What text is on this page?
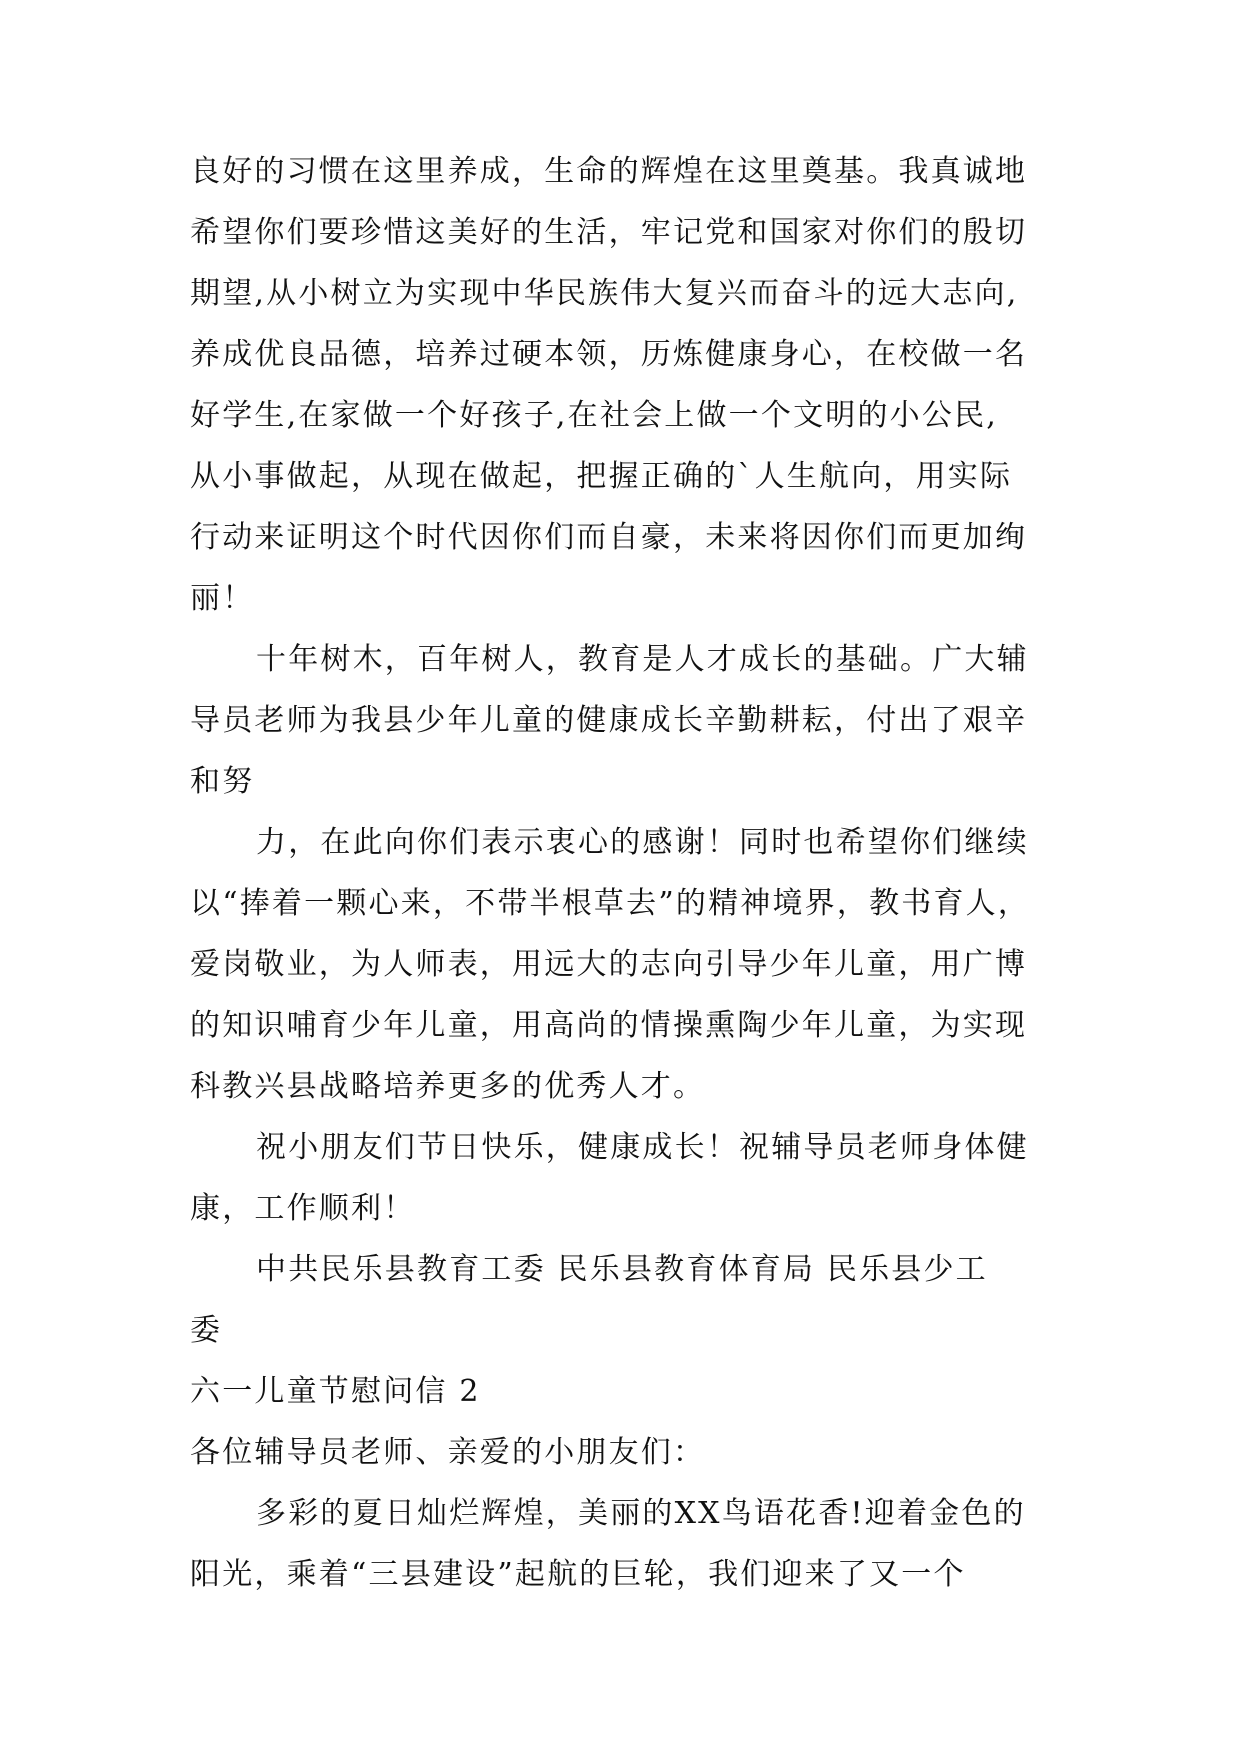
良好的习惯在这里养成，生命的辉煌在这里奠基。我真诚地
希望你们要珍惜这美好的生活，牢记党和国家对你们的殷切
期望,从小树立为实现中华民族伟大复兴而奋斗的远大志向,
养成优良品德，培养过硬本领，历炼健康身心，在校做一名
好学生,在家做一个好孩子,在社会上做一个文明的小公民,
从小事做起，从现在做起，把握正确的`人生航向，用实际
行动来证明这个时代因你们而自豪，未来将因你们而更加绚
丽！
十年树木，百年树人，教育是人才成长的基础。广大辅
导员老师为我县少年儿童的健康成长辛勤耕耘，付出了艰辛
和努
力，在此向你们表示衷心的感谢！同时也希望你们继续
以“捧着一颗心来，不带半根草去”的精神境界，教书育人，
爱岗敬业，为人师表，用远大的志向引导少年儿童，用广博
的知识哺育少年儿童，用高尚的情操熏陶少年儿童，为实现
科教兴县战略培养更多的优秀人才。
祝小朋友们节日快乐，健康成长！祝辅导员老师身体健
康，工作顺利！
中共民乐县教育工委 民乐县教育体育局 民乐县少工
委
六一儿童节慰问信 2
各位辅导员老师、亲爱的小朋友们：
多彩的夏日灿烂辉煌，美丽的XX鸟语花香!迎着金色的
阳光，乘着“三县建设”起航的巨轮，我们迎来了又一个
